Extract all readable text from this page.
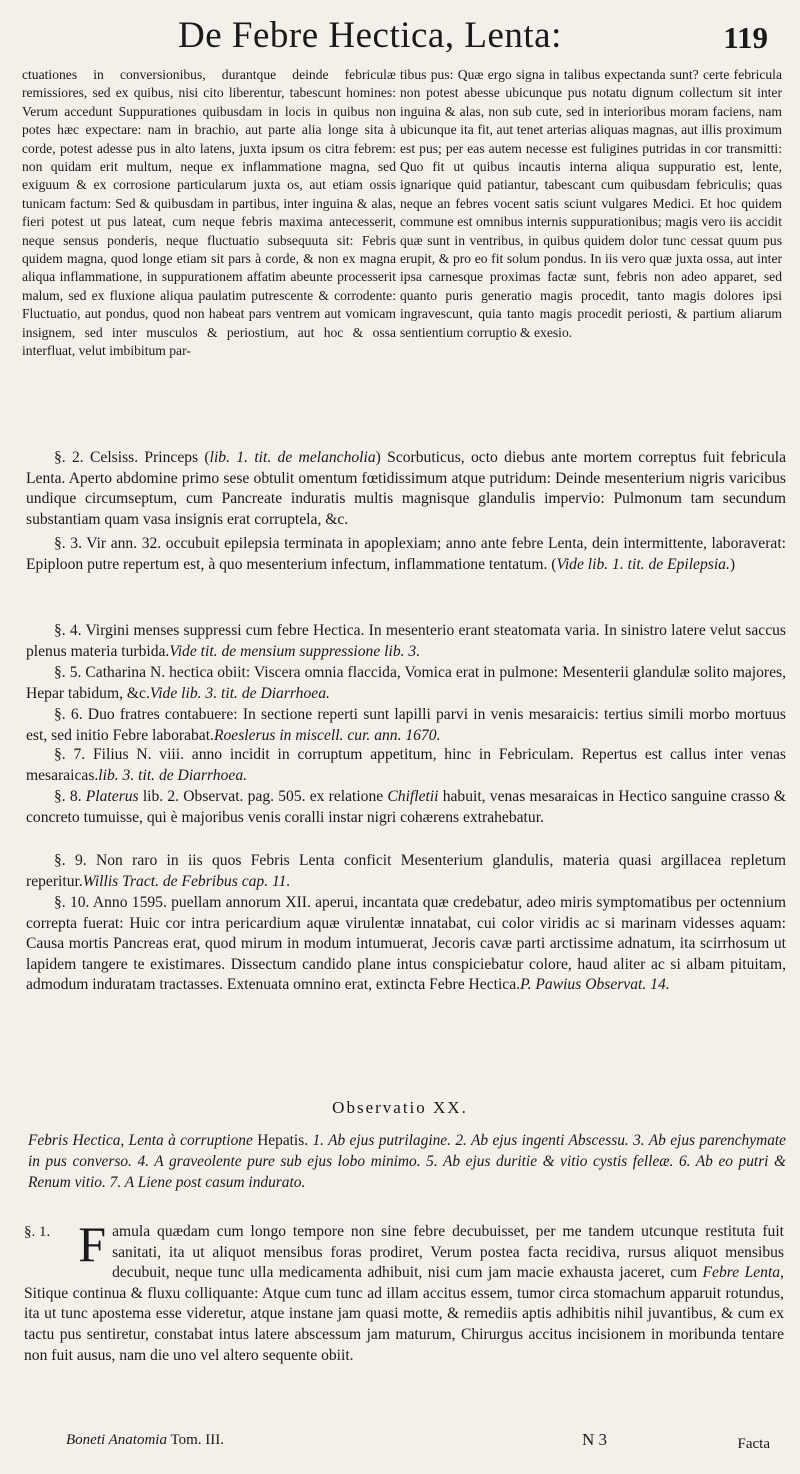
De Febre Hectica, Lenta:	119

ctuationes in conversionibus, durantque deinde febriculæ remissiores, sed ex quibus, nisi cito liberentur, tabescunt homines: Verum accedunt Suppurationes quibusdam in locis in quibus non potes hæc expectare: nam in brachio, aut parte alia longe sita à corde, potest adesse pus in alto latens, juxta ipsum os citra febrem: non quidam erit multum, neque ex inflammatione magna, sed exiguum & ex corrosione particularum juxta os, aut etiam ossis tunicam factum: Sed & quibusdam in partibus, inter inguina & alas, fieri potest ut pus lateat, cum neque febris maxima antecesserit, neque sensus ponderis, neque fluctuatio subsequuta sit: Febris quidem magna, quod longe etiam sit pars à corde, & non ex magna aliqua inflammatione, in suppurationem affatim abeunte processerit malum, sed ex fluxione aliqua paulatim putrescente & corrodente: Fluctuatio, aut pondus, quod non habeat pars ventrem aut vomicam insignem, sed inter musculos & periostium, aut hoc & ossa interfluat, velut imbibitum par-

tibus pus: Quæ ergo signa in talibus expectanda sunt? certe febricula non potest abesse ubicunque pus notatu dignum collectum sit inter inguina & alas, non sub cute, sed in interioribus moram faciens, nam ubicunque ita fit, aut tenet arterias aliquas magnas, aut illis proximum est pus; per eas autem necesse est fuligines putridas in cor transmitti: Quo fit ut quibus incautis interna aliqua suppuratio est, lente, ignarique quid patiantur, tabescant cum quibusdam febriculis; quas neque an febres vocent satis sciunt vulgares Medici. Et hoc quidem commune est omnibus internis suppurationibus; magis vero iis accidit quæ sunt in ventribus, in quibus quidem dolor tunc cessat quum pus erupit, & pro eo fit solum pondus. In iis vero quæ juxta ossa, aut inter ipsa carnesque proximas factæ sunt, febris non adeo apparet, sed quanto puris generatio magis procedit, tanto magis dolores ipsi ingravescunt, quia tanto magis procedit periosti, & partium aliarum sentientium corruptio & exesio.

§. 2. Celsiss. Princeps (lib. 1. tit. de melancholia) Scorbuticus, octo diebus ante mortem correptus fuit febricula Lenta. Aperto abdomine primo sese obtulit omentum fœtidissimum atque putridum: Deinde mesenterium nigris varicibus undique circumseptum, cum Pancreate induratis multis magnisque glandulis impervio: Pulmonum tam secundum substantiam quam vasa insignis erat corruptela, &c.

§. 3. Vir ann. 32. occubuit epilepsia terminata in apoplexiam; anno ante febre Lenta, dein intermittente, laboraverat: Epiploon putre repertum est, à quo mesenterium infectum, inflammatione tentatum. (Vide lib. 1. tit. de Epilepsia.)

§. 4. Virgini menses suppressi cum febre Hectica. In mesenterio erant steatomata varia. In sinistro latere velut saccus plenus materia turbida.Vide tit. de mensium suppressione lib. 3.

§. 5. Catharina N. hectica obiit: Viscera omnia flaccida, Vomica erat in pulmone: Mesenterii glandulæ solito majores, Hepar tabidum, &c.Vide lib. 3. tit. de Diarrhoea.

§. 6. Duo fratres contabuere: In sectione reperti sunt lapilli parvi in venis mesaraicis: tertius simili morbo mortuus est, sed initio Febre laborabat.Roeslerus in miscell. cur. ann. 1670.

§. 7. Filius N. viii. anno incidit in corruptum appetitum, hinc in Febriculam. Repertus est callus inter venas mesaraicas.lib. 3. tit. de Diarrhoea.

§. 8. Platerus lib. 2. Observat. pag. 505. ex relatione Chifletii habuit, venas mesaraicas in Hectico sanguine crasso & concreto tumuisse, qui è majoribus venis coralli instar nigri cohærens extrahebatur.

§. 9. Non raro in iis quos Febris Lenta conficit Mesenterium glandulis, materia quasi argillacea repletum reperitur.Willis Tract. de Febribus cap. 11.

§. 10. Anno 1595. puellam annorum XII. aperui, incantata quæ credebatur, adeo miris symptomatibus per octennium correpta fuerat: Huic cor intra pericardium aquæ virulentæ innatabat, cui color viridis ac si marinam videsses aquam: Causa mortis Pancreas erat, quod mirum in modum intumuerat, Jecoris cavæ parti arctissime adnatum, ita scirrhosum ut lapidem tangere te existimares. Dissectum candido plane intus conspiciebatur colore, haud aliter ac si albam pituitam, admodum induratam tractasses. Extenuata omnino erat, extincta Febre Hectica.P. Pawius Observat. 14.

Observatio XX.
Febris Hectica, Lenta à corruptione Hepatis. 1. Ab ejus putrilagine. 2. Ab ejus ingenti Abscessu. 3. Ab ejus parenchymate in pus converso. 4. A graveolente pure sub ejus lobo minimo. 5. Ab ejus duritie & vitio cystis felleæ. 6. Ab eo putri & Renum vitio. 7. A Liene post casum indurato.
§. 1. F amula quædam cum longo tempore non sine febre decubuisset, per me tandem utcunque restituta fuit sanitati, ita ut aliquot mensibus foras prodiret, Verum postea facta recidiva, rursus aliquot mensibus decubuit, neque tunc ulla medicamenta adhibuit, nisi cum jam macie exhausta jaceret, cum Febre Lenta, Sitique continua & fluxu colliquante: Atque cum tunc ad illam accitus essem, tumor circa stomachum apparuit rotundus, ita ut tunc apostema esse videretur, atque instane jam quasi motte, & remediis aptis adhibitis nihil juvantibus, & cum ex tactu pus sentiretur, constabat intus latere abscessum jam maturum, Chirurgus accitus incisionem in moribunda tentare non fuit ausus, nam die uno vel altero sequente obiit.
Boneti Anatomia Tom. III.	N 3	Facta
